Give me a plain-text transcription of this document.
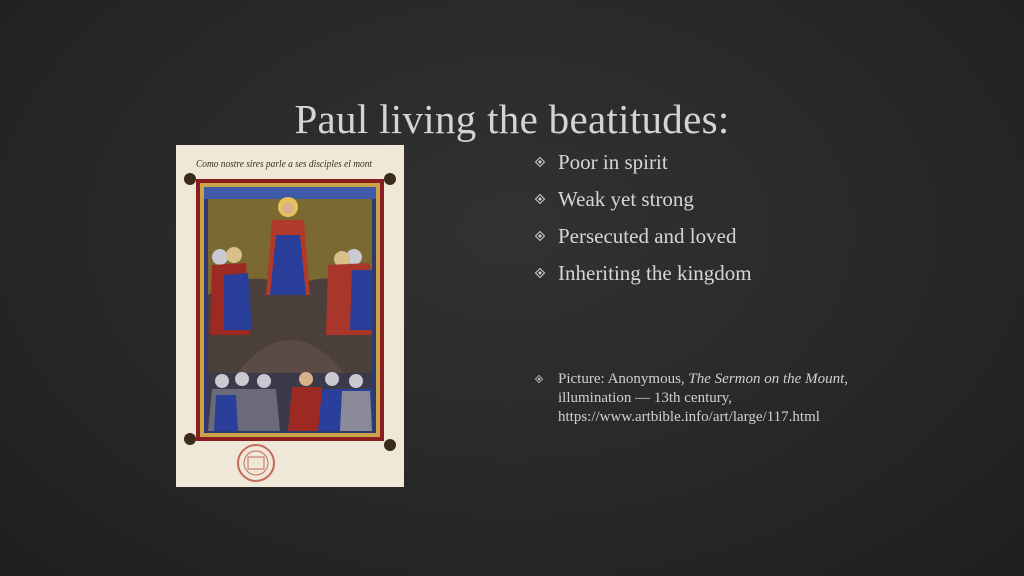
Paul living the beatitudes:
Como nostre sires parle a ses disciples el mont	Poor in spirit
Weak yet strong
Persecuted and loved
Inheriting the kingdom
Picture: Anonymous, The Sermon on the Mount,
illumination — 13th century,
https://www.artbible.info/art/large/117.html
